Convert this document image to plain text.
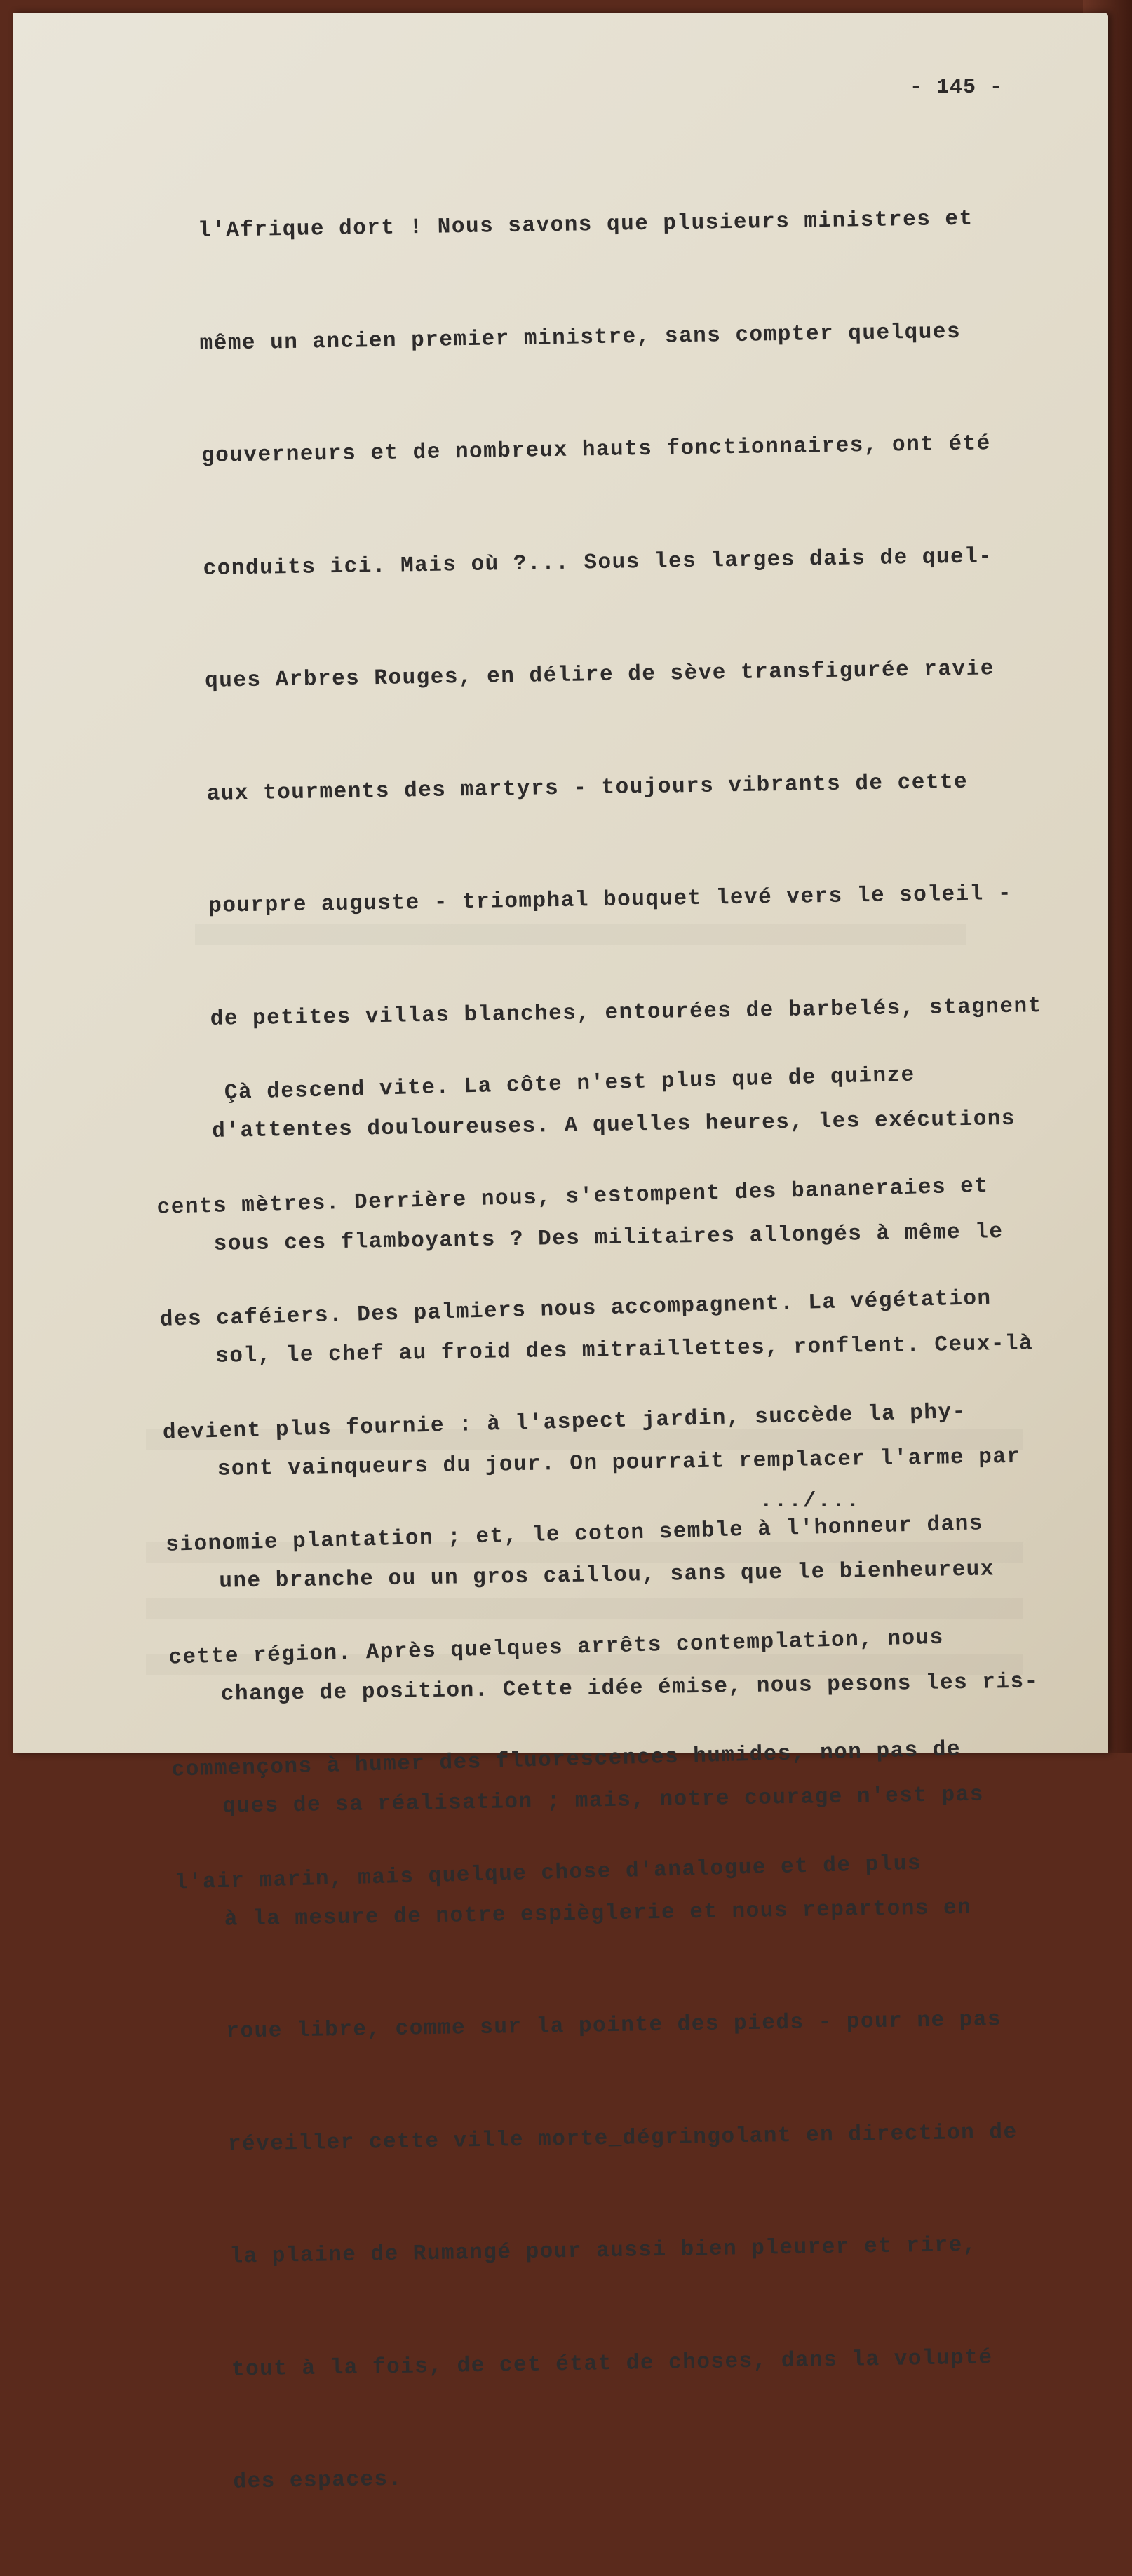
- 145 -

l'Afrique dort ! Nous savons que plusieurs ministres et

même un ancien premier ministre, sans compter quelques

gouverneurs et de nombreux hauts fonctionnaires, ont été

conduits ici. Mais où ?... Sous les larges dais de quel-

ques Arbres Rouges, en délire de sève transfigurée ravie

aux tourments des martyrs - toujours vibrants de cette

pourpre auguste - triomphal bouquet levé vers le soleil -

de petites villas blanches, entourées de barbelés, stagnent

d'attentes douloureuses. A quelles heures, les exécutions

sous ces flamboyants ? Des militaires allongés à même le

sol, le chef au froid des mitraillettes, ronflent. Ceux-là

sont vainqueurs du jour. On pourrait remplacer l'arme par

une branche ou un gros caillou, sans que le bienheureux

change de position. Cette idée émise, nous pesons les ris-

ques de sa réalisation ; mais, notre courage n'est pas

à la mesure de notre espièglerie et nous repartons en

roue libre, comme sur la pointe des pieds - pour ne pas

réveiller cette ville morte_dégringolant en direction de

la plaine de Rumangé pour aussi bien pleurer et rire,

tout à la fois, de cet état de choses, dans la volupté

des espaces.

Çà descend vite. La côte n'est plus que de quinze

cents mètres. Derrière nous, s'estompent des bananeraies et

des caféiers. Des palmiers nous accompagnent. La végétation

devient plus fournie : à l'aspect jardin, succède la phy-

sionomie plantation ; et, le coton semble à l'honneur dans

cette région. Après quelques arrêts contemplation, nous

commençons à humer des fluorescences humides, non pas de

l'air marin, mais quelque chose d'analogue et de plus

.../...
